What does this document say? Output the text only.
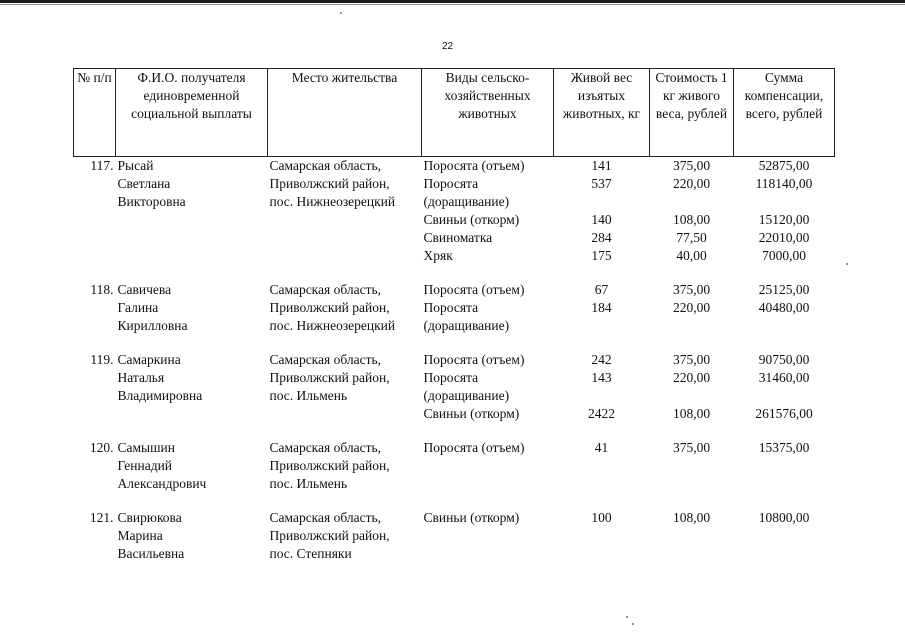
22
№ п/п	Ф.И.О. получателя единовременной социальной выплаты	Место жительства	Виды сельско-хозяйственных животных	Живой вес изъятых животных, кг	Стоимость 1 кг живого веса, рублей	Сумма компенсации, всего, рублей
117.	Рысай	Самарская область,	Поросята (отъем)	141	375,00	52875,00
	Светлана	Приволжский район,	Поросята	537	220,00	118140,00
	Викторовна	пос. Нижнеозерецкий	(доращивание)			
			Свиньи (откорм)	140	108,00	15120,00
			Свиноматка	284	77,50	22010,00
			Хряк	175	40,00	7000,00

118.	Савичева	Самарская область,	Поросята (отъем)	67	375,00	25125,00
	Галина	Приволжский район,	Поросята	184	220,00	40480,00
	Кирилловна	пос. Нижнеозерецкий	(доращивание)			

119.	Самаркина	Самарская область,	Поросята (отъем)	242	375,00	90750,00
	Наталья	Приволжский район,	Поросята	143	220,00	31460,00
	Владимировна	пос. Ильмень	(доращивание)			
			Свиньи (откорм)	2422	108,00	261576,00

120.	Самышин	Самарская область,	Поросята (отъем)	41	375,00	15375,00
	Геннадий	Приволжский район,				
	Александрович	пос. Ильмень				

121.	Свирюкова	Самарская область,	Свиньи (откорм)	100	108,00	10800,00
	Марина	Приволжский район,				
	Васильевна	пос. Степняки				
